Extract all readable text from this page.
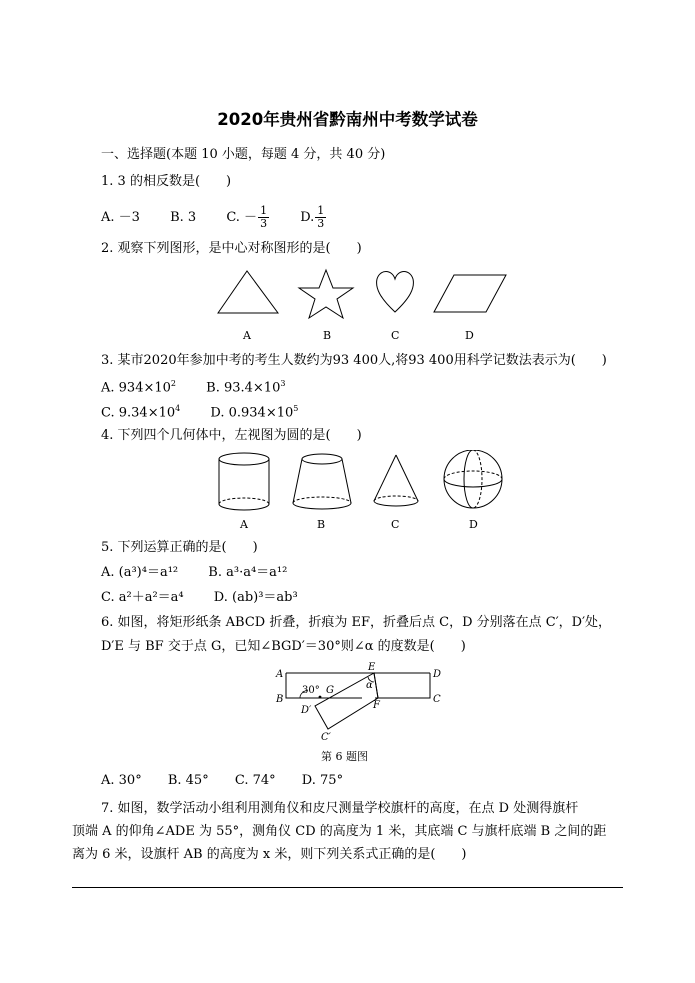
2020年贵州省黔南州中考数学试卷
一、选择题(本题 10 小题，每题 4 分，共 40 分)
1. 3 的相反数是(　　)
A. －3 B. 3 C. － $\frac{1}{3} D$. $\frac{1}{3}$
2. 观察下列图形，是中心对称图形的是(　　)
A	B	C	D
3. 某市2020年参加中考的考生人数约为93 400人,将93 400用科学记数法表示为(　　)
A. $934\times 10^2$ B. $93.4\times 10^3$
C. $9.34\times 10^4$ D. $0.934\times 10^5$
4. 下列四个几何体中，左视图为圆的是(　　)
A	B	C	D
5. 下列运算正确的是(　　)
A. (a³)⁴＝a¹² B. a³·a⁴＝a¹²
C. a²＋a²＝a⁴ D. (ab)³＝ab³
6. 如图，将矩形纸条 ABCD 折叠，折痕为 EF，折叠后点 C，D 分别落在点 C′，D′处，
D′E 与 BF 交于点 G，已知∠BGD′＝30°则∠α 的度数是(　　)
A
B
D
C
E
F
G
D′
C′
α
30°
第 6 题图
A. 30° B. 45° C. 74° D. 75°
7. 如图，数学活动小组利用测角仪和皮尺测量学校旗杆的高度，在点 D 处测得旗杆
顶端 A 的仰角∠ADE 为 55°，测角仪 CD 的高度为 1 米，其底端 C 与旗杆底端 B 之间的距
离为 6 米，设旗杆 AB 的高度为 x 米，则下列关系式正确的是(　　)
